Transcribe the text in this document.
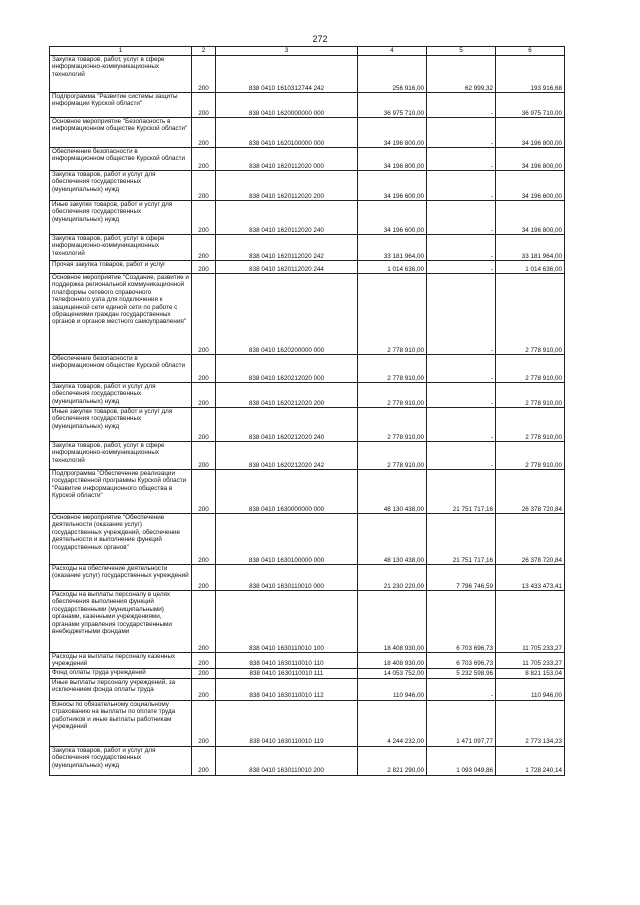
272
1	2	3	4	5	6
Закупка товаров, работ, услуг в сфере информационно-коммуникационных технологий	200	838 0410 1610312744 242	256 916,00	62 999,32	193 916,68
Подпрограмма "Развитие системы защиты информации Курской области"	200	838 0410 1620000000 000	36 975 710,00	-	36 975 710,00
Основное мероприятие "Безопасность в информационном обществе Курской области"	200	838 0410 1620100000 000	34 196 800,00	-	34 196 800,00
Обеспечение безопасности в информационном обществе Курской области	200	838 0410 1620112020 000	34 196 800,00	-	34 196 800,00
Закупка товаров, работ и услуг для обеспечения государственных (муниципальных) нужд	200	838 0410 1620112020 200	34 196 600,00	-	34 196 600,00
Иные закупки товаров, работ и услуг для обеспечения государственных (муниципальных) нужд	200	838 0410 1620112020 240	34 196 600,00	-	34 196 800,00
Закупка товаров, работ, услуг в сфере информационно-коммуникационных технологий	200	838 0410 1620112020 242	33 181 964,00	-	33 181 964,00
Прочая закупка товаров, работ и услуг	200	838 0410 1620112020 244	1 014 636,00	-	1 014 636,00
Основное мероприятие "Создание, развитие и поддержка региональной коммуникационной платформы сетевого справочного телефонного узла для подключения к защищенной сети единой сети по работе с обращениями граждан государственных органов и органов местного самоуправления"	200	838 0410 1620200000 000	2 778 910,00	-	2 778 910,00
Обеспечение безопасности в информационном обществе Курской области	200	838 0410 1620212020 000	2 778 910,00	-	2 778 910,00
Закупка товаров, работ и услуг для обеспечения государственных (муниципальных) нужд	200	838 0410 1620212020 200	2 778 910,00	-	2 778 910,00
Иные закупки товаров, работ и услуг для обеспечения государственных (муниципальных) нужд	200	838 0410 1620212020 240	2 778 910,00	-	2 778 910,00
Закупка товаров, работ, услуг в сфере информационно-коммуникационных технологий	200	838 0410 1620212020 242	2 778 910,00	-	2 778 910,00
Подпрограмма "Обеспечение реализации государственной программы Курской области "Развитие информационного общества в Курской области"	200	838 0410 1630000000 000	48 130 438,00	21 751 717,16	26 378 720,84
Основное мероприятие "Обеспечение деятельности (оказание услуг) государственных учреждений, обеспечение деятельности и выполнение функций государственных органов"	200	838 0410 1630100000 000	48 130 438,00	21 751 717,16	26 378 720,84
Расходы на обеспечение деятельности (оказание услуг) государственных учреждений	200	838 0410 1630110010 000	21 230 220,00	7 796 746,59	13 433 473,41
Расходы на выплаты персоналу в целях обеспечения выполнения функций государственными (муниципальными) органами, казенными учреждениями, органами управления государственными внебюджетными фондами	200	838 0410 1630110010 100	18 408 930,00	6 703 696,73	11 705 233,27
Расходы на выплаты персоналу казенных учреждений	200	838 0410 1630110010 110	18 408 930,00	6 703 696,73	11 705 233,27
Фонд оплаты труда учреждений	200	838 0410 1630110010 111	14 053 752,00	5 232 598,96	8 821 153,04
Иные выплаты персоналу учреждений, за исключением фонда оплаты труда	200	838 0410 1630110010 112	110 946,00	-	110 946,00
Взносы по обязательному социальному страхованию на выплаты по оплате труда работников и иные выплаты работникам учреждений	200	838 0410 1630110010 119	4 244 232,00	1 471 097,77	2 773 134,23
Закупка товаров, работ и услуг для обеспечения государственных (муниципальных) нужд	200	838 0410 1630110010 200	2 821 290,00	1 093 049,86	1 728 240,14
